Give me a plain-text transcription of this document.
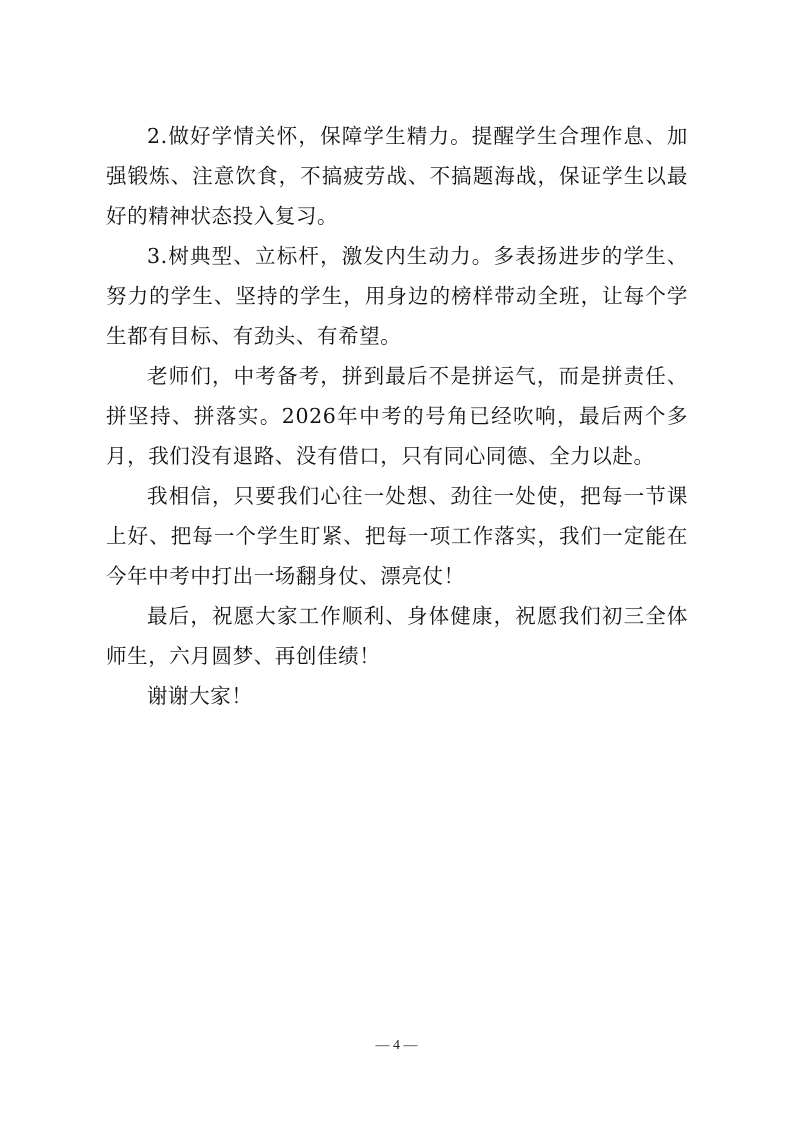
2.做好学情关怀，保障学生精力。提醒学生合理作息、加强锻炼、注意饮食，不搞疲劳战、不搞题海战，保证学生以最好的精神状态投入复习。

3.树典型、立标杆，激发内生动力。多表扬进步的学生、努力的学生、坚持的学生，用身边的榜样带动全班，让每个学生都有目标、有劲头、有希望。

老师们，中考备考，拼到最后不是拼运气，而是拼责任、拼坚持、拼落实。2026年中考的号角已经吹响，最后两个多月，我们没有退路、没有借口，只有同心同德、全力以赴。

我相信，只要我们心往一处想、劲往一处使，把每一节课上好、把每一个学生盯紧、把每一项工作落实，我们一定能在今年中考中打出一场翻身仗、漂亮仗！

最后，祝愿大家工作顺利、身体健康，祝愿我们初三全体师生，六月圆梦、再创佳绩！

谢谢大家！

— 4 —
